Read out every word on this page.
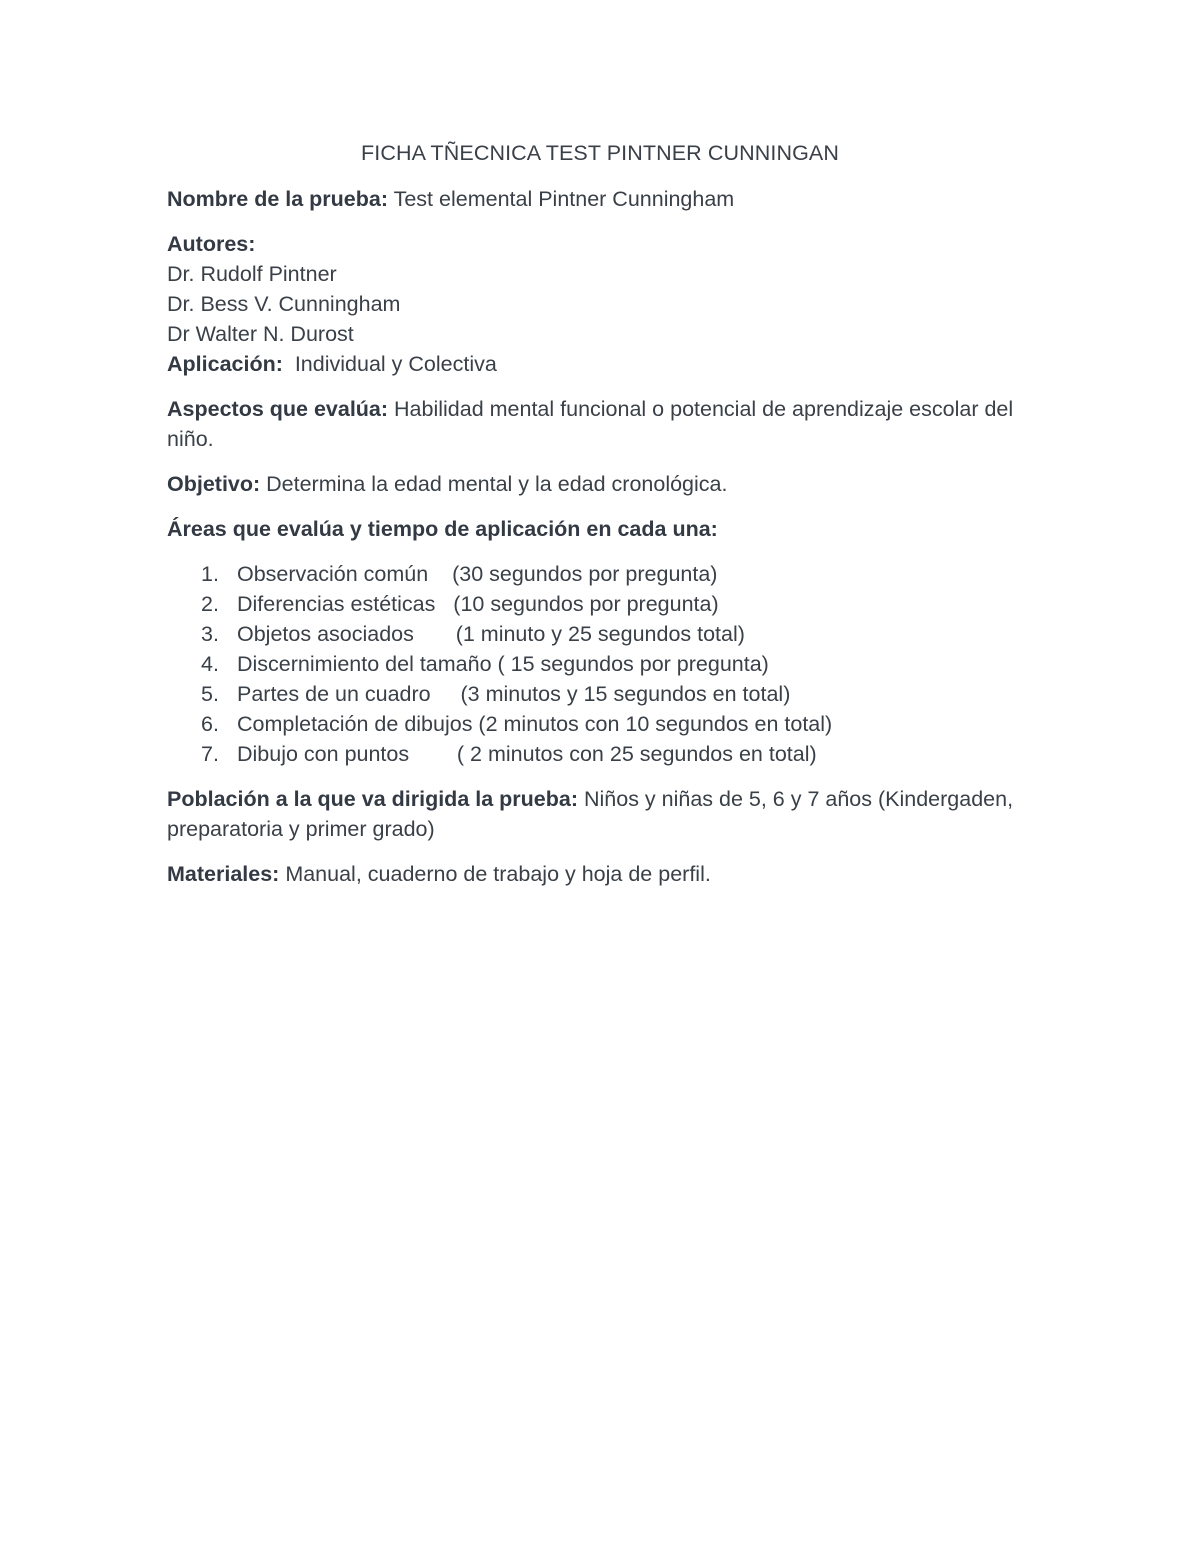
FICHA TÑECNICA TEST PINTNER CUNNINGAN

Nombre de la prueba: Test elemental Pintner Cunningham

Autores:
Dr. Rudolf Pintner
Dr. Bess V. Cunningham
Dr Walter N. Durost

Aplicación:  Individual y Colectiva

Aspectos que evalúa: Habilidad mental funcional o potencial de aprendizaje escolar del niño.

Objetivo: Determina la edad mental y la edad cronológica.

Áreas que evalúa y tiempo de aplicación en cada una:

1. Observación común    (30 segundos por pregunta)
2. Diferencias estéticas   (10 segundos por pregunta)
3. Objetos asociados       (1 minuto y 25 segundos total)
4. Discernimiento del tamaño ( 15 segundos por pregunta)
5. Partes de un cuadro     (3 minutos y 15 segundos en total)
6. Completación de dibujos (2 minutos con 10 segundos en total)
7. Dibujo con puntos        ( 2 minutos con 25 segundos en total)

Población a la que va dirigida la prueba: Niños y niñas de 5, 6 y 7 años (Kindergaden, preparatoria y primer grado)

Materiales: Manual, cuaderno de trabajo y hoja de perfil.
